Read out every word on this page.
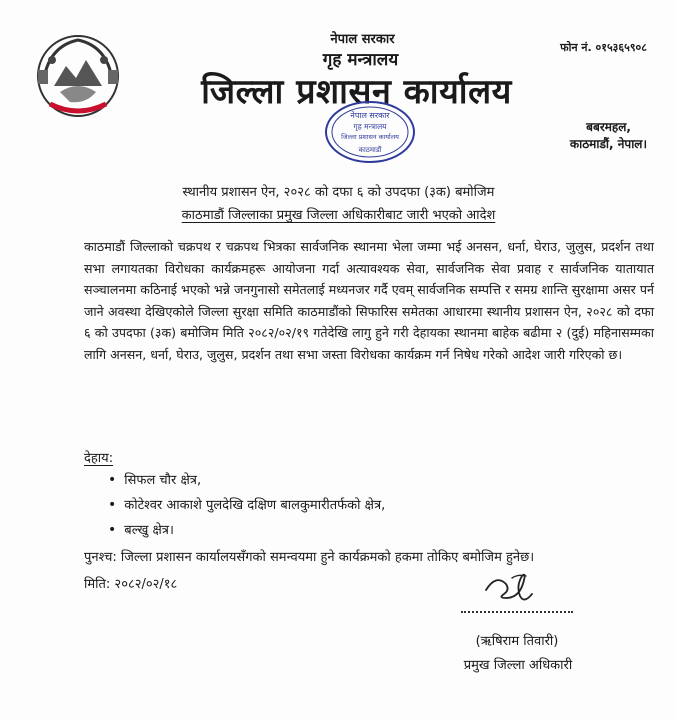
नेपाल सरकार
गृह मन्त्रालय
जिल्ला प्रशासन कार्यालय
फोन नं. ०१५३६५९०८
बबरमहल,
काठमाडौं, नेपाल।
नेपाल सरकार
गृह मन्त्रालय
जिल्ला प्रशासन कार्यालय
काठमाडौं
स्थानीय प्रशासन ऐन, २०२८ को दफा ६ को उपदफा (३क) बमोजिम
काठमाडौं जिल्लाका प्रमुख जिल्ला अधिकारीबाट जारी भएको आदेश
काठमाडौं जिल्लाको चक्रपथ र चक्रपथ भित्रका सार्वजनिक स्थानमा भेला जम्मा भई अनसन, धर्ना, घेराउ, जुलुस, प्रदर्शन तथा सभा लगायतका विरोधका कार्यक्रमहरू आयोजना गर्दा अत्यावश्यक सेवा, सार्वजनिक सेवा प्रवाह र सार्वजनिक यातायात सञ्चालनमा कठिनाई भएको भन्ने जनगुनासो समेतलाई मध्यनजर गर्दै एवम् सार्वजनिक सम्पत्ति र समग्र शान्ति सुरक्षामा असर पर्न जाने अवस्था देखिएकोले जिल्ला सुरक्षा समिति काठमाडौंको सिफारिस समेतका आधारमा स्थानीय प्रशासन ऐन, २०२८ को दफा ६ को उपदफा (३क) बमोजिम मिति २०८२/०२/१९ गतेदेखि लागु हुने गरी देहायका स्थानमा बाहेक बढीमा २ (दुई) महिनासम्मका लागि अनसन, धर्ना, घेराउ, जुलुस, प्रदर्शन तथा सभा जस्ता विरोधका कार्यक्रम गर्न निषेध गरेको आदेश जारी गरिएको छ।
देहाय:
• सिफल चौर क्षेत्र,
• कोटेश्वर आकाशे पुलदेखि दक्षिण बालकुमारीतर्फको क्षेत्र,
• बल्खु क्षेत्र।
पुनश्च: जिल्ला प्रशासन कार्यालयसँगको समन्वयमा हुने कार्यक्रमको हकमा तोकिए बमोजिम हुनेछ।
मिति: २०८२/०२/१८
(ऋषिराम तिवारी)
प्रमुख जिल्ला अधिकारी
